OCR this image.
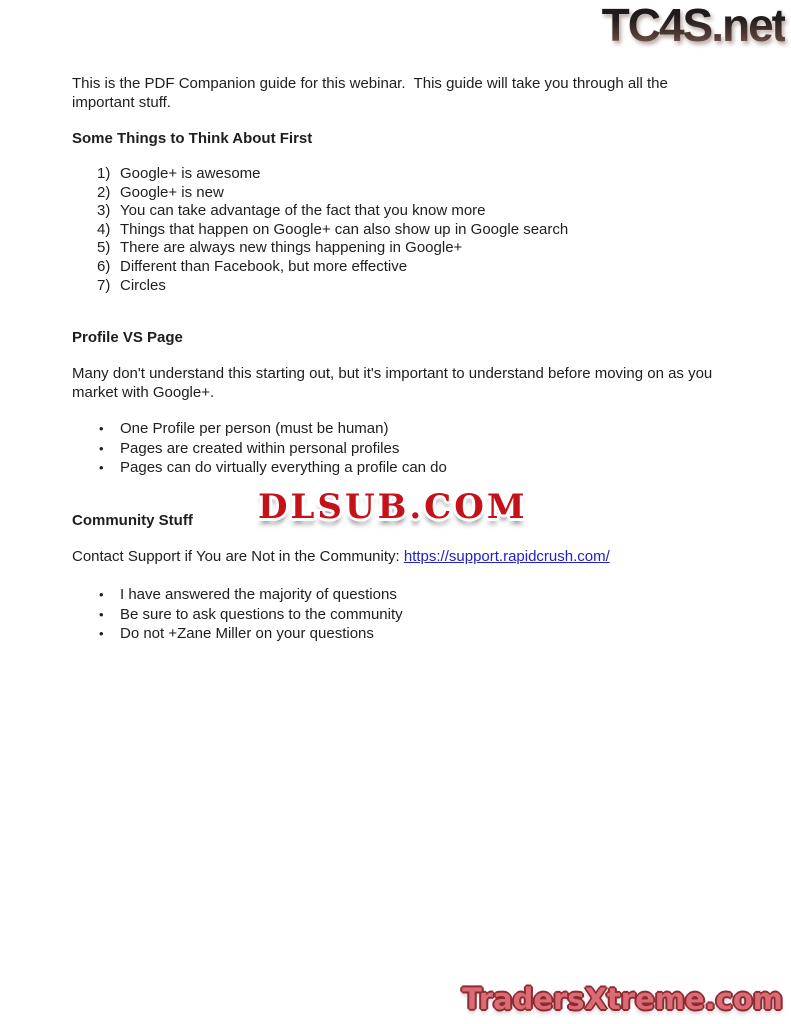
TC4S.net

This is the PDF Companion guide for this webinar.  This guide will take you through all the important stuff.

Some Things to Think About First
1) Google+ is awesome
2) Google+ is new
3) You can take advantage of the fact that you know more
4) Things that happen on Google+ can also show up in Google search
5) There are always new things happening in Google+
6) Different than Facebook, but more effective
7) Circles
Profile VS Page

Many don't understand this starting out, but it's important to understand before moving on as you market with Google+.

•	One Profile per person (must be human)
•	Pages are created within personal profiles
•	Pages can do virtually everything a profile can do
Community Stuff

Contact Support if You are Not in the Community: https://support.rapidcrush.com/

•	I have answered the majority of questions
•	Be sure to ask questions to the community
•	Do not +Zane Miller on your questions
DLSUB.COM
TradersXtreme.com
